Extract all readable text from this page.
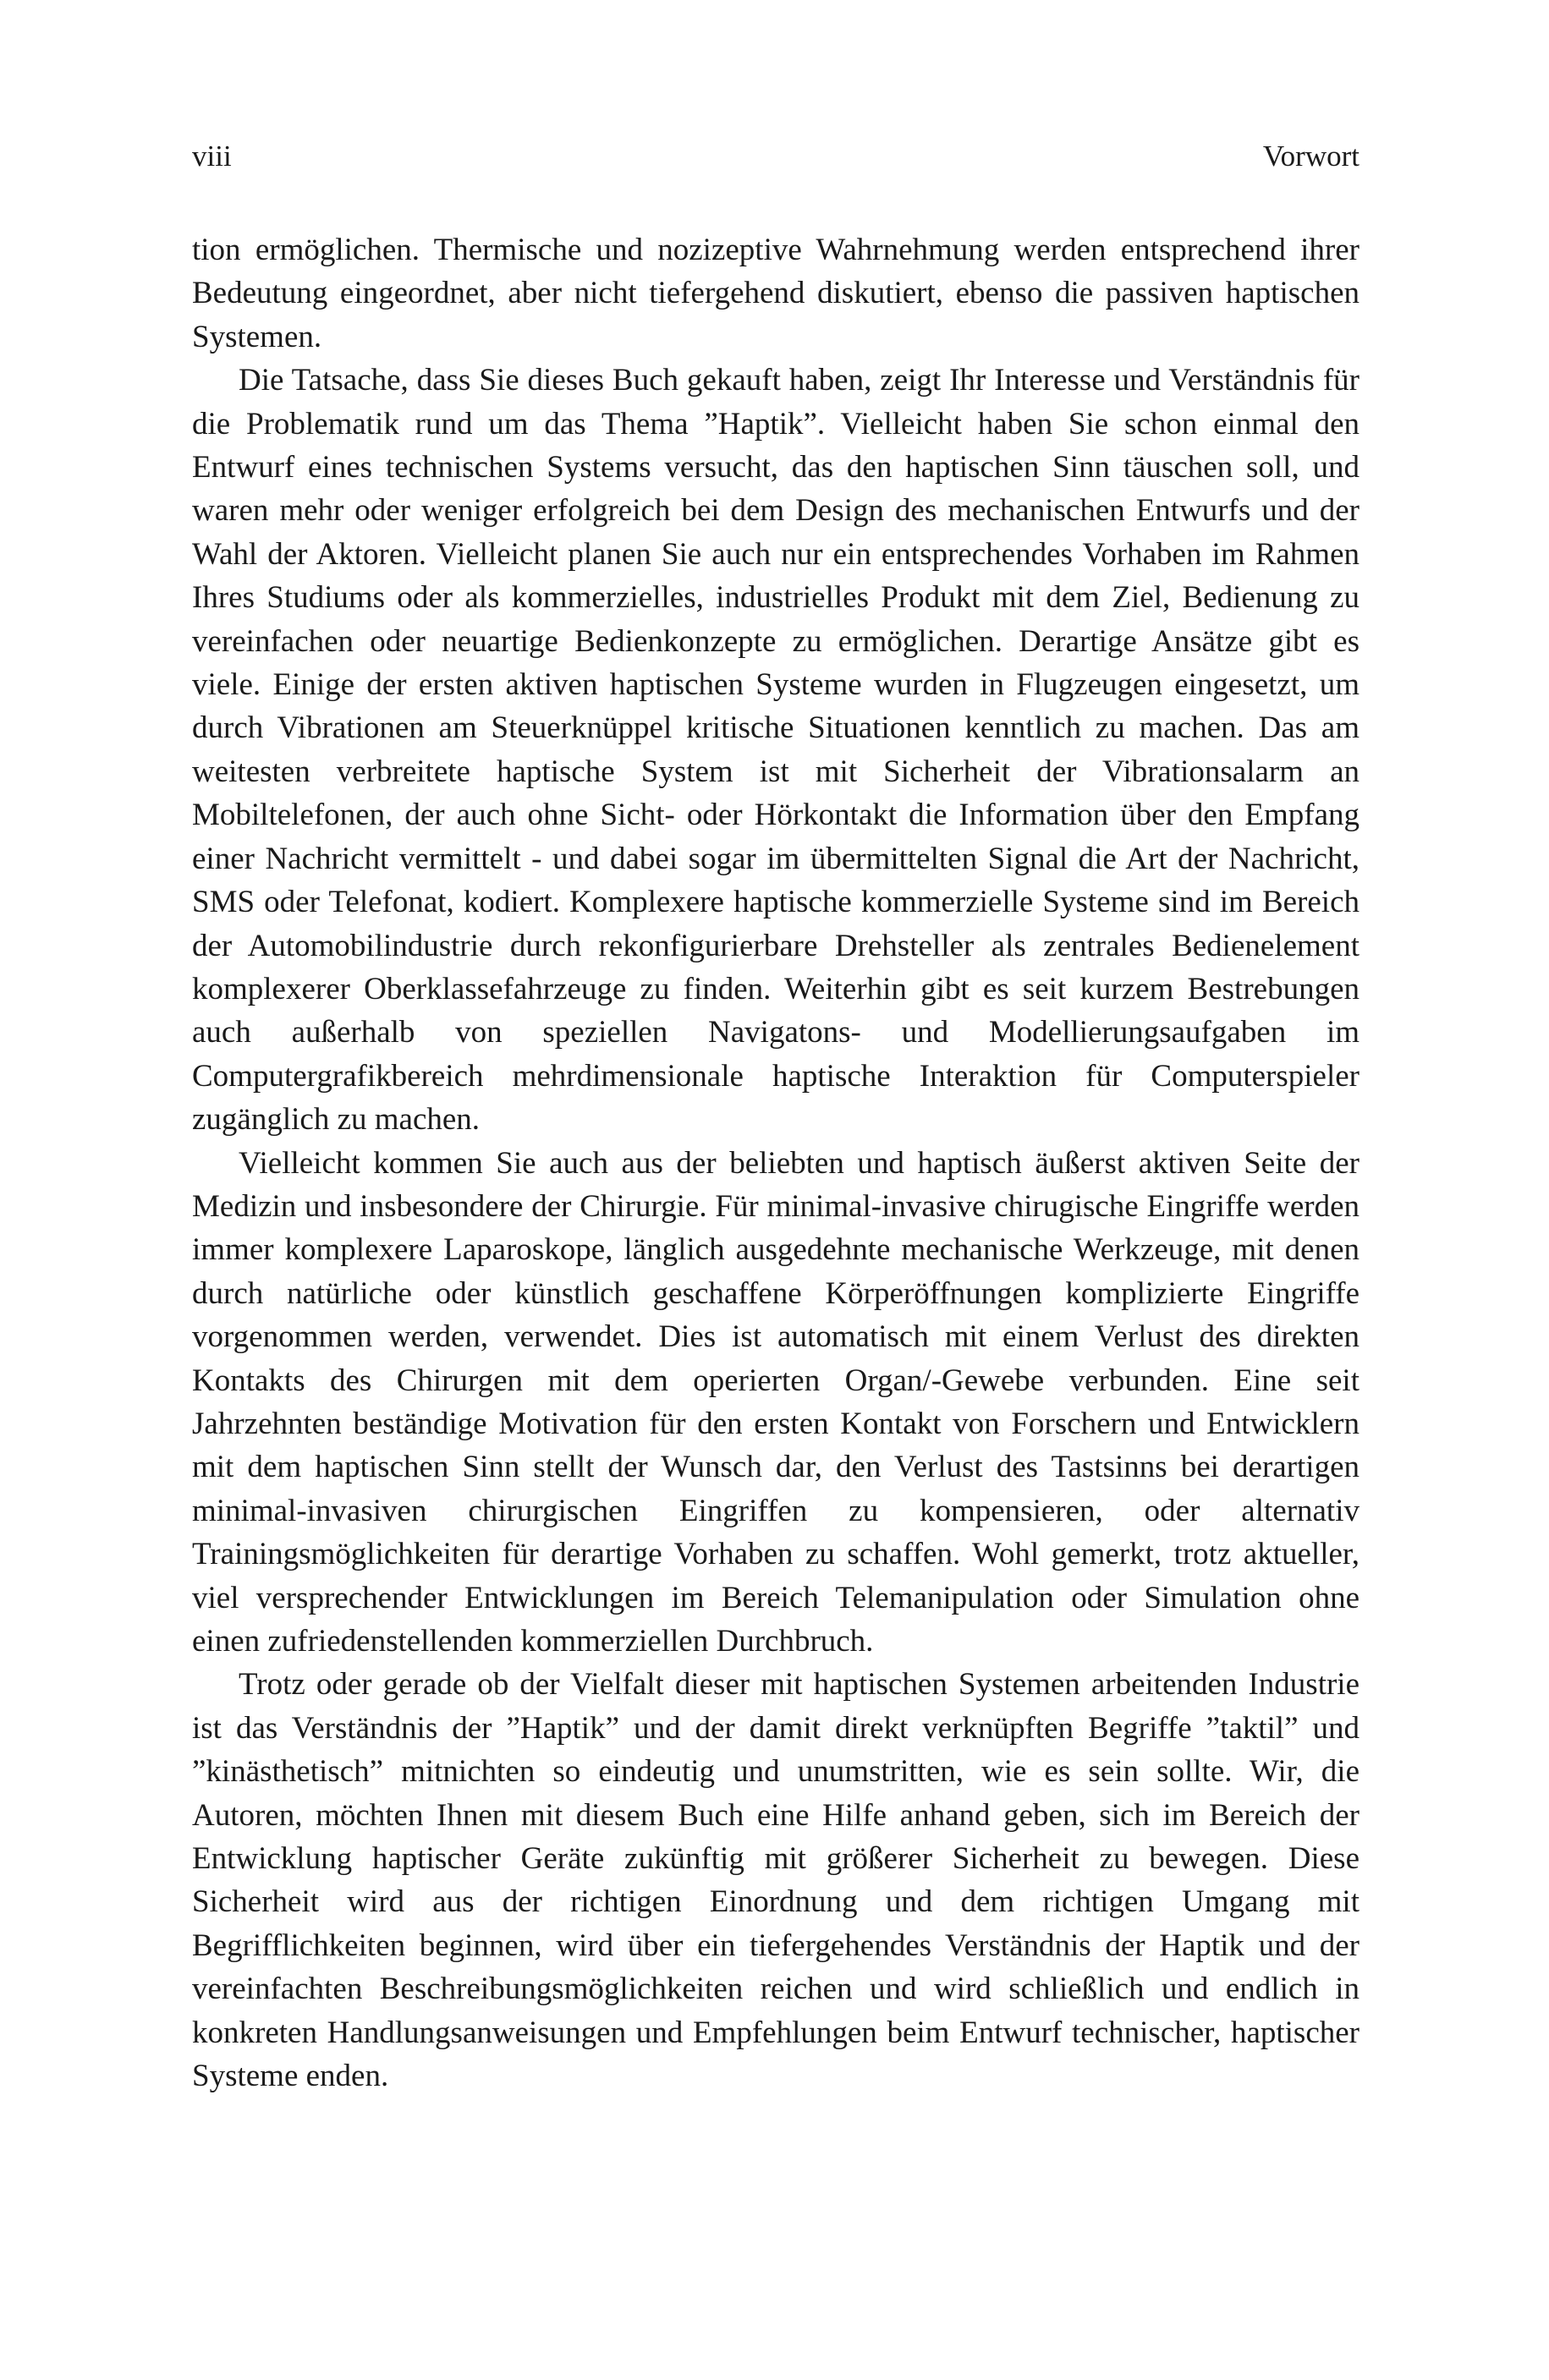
viii	Vorwort

tion ermöglichen. Thermische und nozizeptive Wahrnehmung werden entsprechend ihrer Bedeutung eingeordnet, aber nicht tiefergehend diskutiert, ebenso die passiven haptischen Systemen.

Die Tatsache, dass Sie dieses Buch gekauft haben, zeigt Ihr Interesse und Verständnis für die Problematik rund um das Thema ”Haptik”. Vielleicht haben Sie schon einmal den Entwurf eines technischen Systems versucht, das den haptischen Sinn täuschen soll, und waren mehr oder weniger erfolgreich bei dem Design des mechanischen Entwurfs und der Wahl der Aktoren. Vielleicht planen Sie auch nur ein entsprechendes Vorhaben im Rahmen Ihres Studiums oder als kommerzielles, industrielles Produkt mit dem Ziel, Bedienung zu vereinfachen oder neuartige Bedienkonzepte zu ermöglichen. Derartige Ansätze gibt es viele. Einige der ersten aktiven haptischen Systeme wurden in Flugzeugen eingesetzt, um durch Vibrationen am Steuerknüppel kritische Situationen kenntlich zu machen. Das am weitesten verbreitete haptische System ist mit Sicherheit der Vibrationsalarm an Mobiltelefonen, der auch ohne Sicht- oder Hörkontakt die Information über den Empfang einer Nachricht vermittelt - und dabei sogar im übermittelten Signal die Art der Nachricht, SMS oder Telefonat, kodiert. Komplexere haptische kommerzielle Systeme sind im Bereich der Automobilindustrie durch rekonfigurierbare Drehsteller als zentrales Bedienelement komplexerer Oberklassefahrzeuge zu finden. Weiterhin gibt es seit kurzem Bestrebungen auch außerhalb von speziellen Navigatons- und Modellierungsaufgaben im Computergrafikbereich mehrdimensionale haptische Interaktion für Computerspieler zugänglich zu machen.

Vielleicht kommen Sie auch aus der beliebten und haptisch äußerst aktiven Seite der Medizin und insbesondere der Chirurgie. Für minimal-invasive chirugische Eingriffe werden immer komplexere Laparoskope, länglich ausgedehnte mechanische Werkzeuge, mit denen durch natürliche oder künstlich geschaffene Körperöffnungen komplizierte Eingriffe vorgenommen werden, verwendet. Dies ist automatisch mit einem Verlust des direkten Kontakts des Chirurgen mit dem operierten Organ/-Gewebe verbunden. Eine seit Jahrzehnten beständige Motivation für den ersten Kontakt von Forschern und Entwicklern mit dem haptischen Sinn stellt der Wunsch dar, den Verlust des Tastsinns bei derartigen minimal-invasiven chirurgischen Eingriffen zu kompensieren, oder alternativ Trainingsmöglichkeiten für derartige Vorhaben zu schaffen. Wohl gemerkt, trotz aktueller, viel versprechender Entwicklungen im Bereich Telemanipulation oder Simulation ohne einen zufriedenstellenden kommerziellen Durchbruch.

Trotz oder gerade ob der Vielfalt dieser mit haptischen Systemen arbeitenden Industrie ist das Verständnis der ”Haptik” und der damit direkt verknüpften Begriffe ”taktil” und ”kinästhetisch” mitnichten so eindeutig und unumstritten, wie es sein sollte. Wir, die Autoren, möchten Ihnen mit diesem Buch eine Hilfe anhand geben, sich im Bereich der Entwicklung haptischer Geräte zukünftig mit größerer Sicherheit zu bewegen. Diese Sicherheit wird aus der richtigen Einordnung und dem richtigen Umgang mit Begrifflichkeiten beginnen, wird über ein tiefergehendes Verständnis der Haptik und der vereinfachten Beschreibungsmöglichkeiten reichen und wird schließlich und endlich in konkreten Handlungsanweisungen und Empfehlungen beim Entwurf technischer, haptischer Systeme enden.
